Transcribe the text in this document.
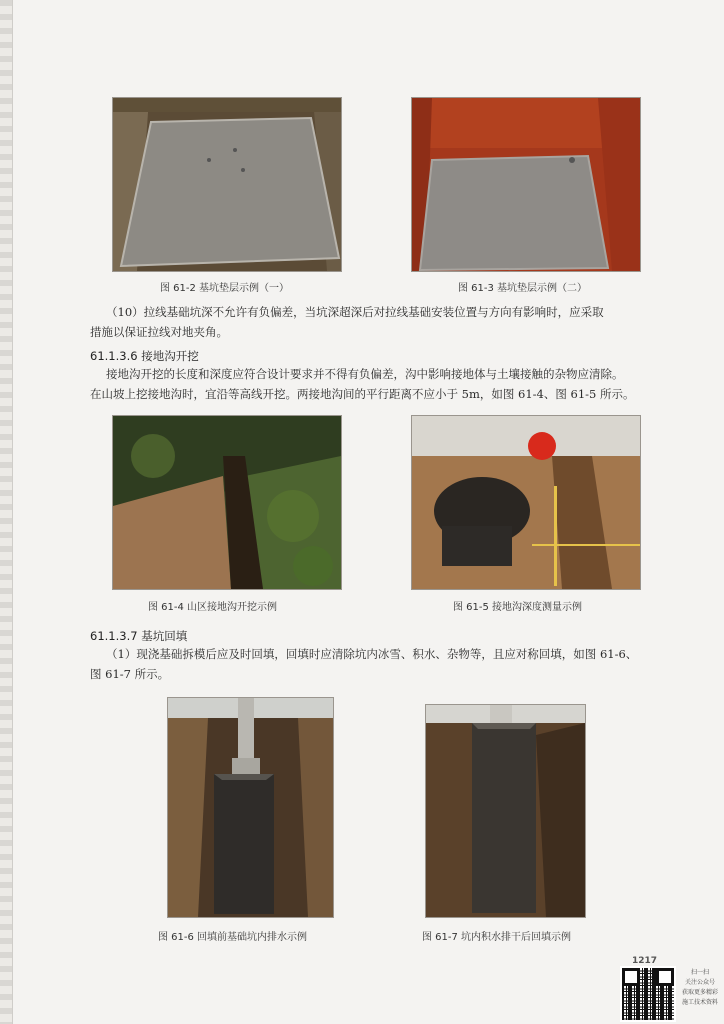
图 61-2 基坑垫层示例（一）	图 61-3 基坑垫层示例（二）
（10）拉线基础坑深不允许有负偏差，当坑深超深后对拉线基础安装位置与方向有影响时，应采取
措施以保证拉线对地夹角。
61.1.3.6 接地沟开挖
接地沟开挖的长度和深度应符合设计要求并不得有负偏差，沟中影响接地体与土壤接触的杂物应清除。
在山坡上挖接地沟时，宜沿等高线开挖。两接地沟间的平行距离不应小于 5m，如图 61-4、图 61-5 所示。
图 61-4 山区接地沟开挖示例	图 61-5 接地沟深度测量示例
61.1.3.7 基坑回填
（1）现浇基础拆模后应及时回填，回填时应清除坑内冰雪、积水、杂物等，且应对称回填，如图 61-6、
图 61-7 所示。
图 61-6 回填前基础坑内排水示例	图 61-7 坑内积水排干后回填示例
1217
扫一扫
关注公众号
获取更多精彩
施工技术资料
